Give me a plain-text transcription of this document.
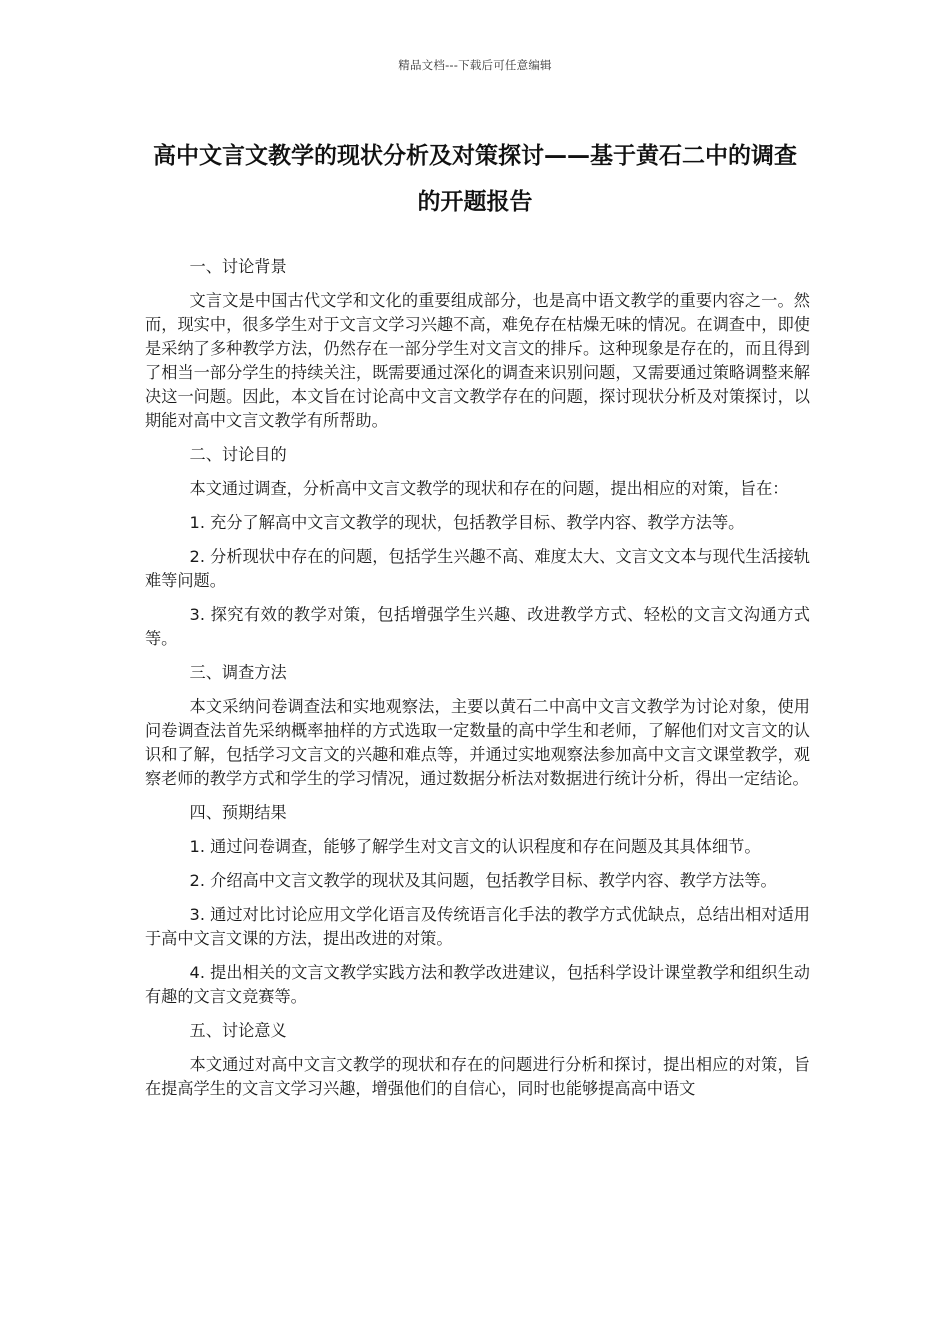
精品文档---下载后可任意编辑
高中文言文教学的现状分析及对策探讨——基于黄石二中的调查的开题报告

一、讨论背景

文言文是中国古代文学和文化的重要组成部分，也是高中语文教学的重要内容之一。然而，现实中，很多学生对于文言文学习兴趣不高，难免存在枯燥无味的情况。在调查中，即使是采纳了多种教学方法，仍然存在一部分学生对文言文的排斥。这种现象是存在的，而且得到了相当一部分学生的持续关注，既需要通过深化的调查来识别问题，又需要通过策略调整来解决这一问题。因此，本文旨在讨论高中文言文教学存在的问题，探讨现状分析及对策探讨，以期能对高中文言文教学有所帮助。

二、讨论目的

本文通过调查，分析高中文言文教学的现状和存在的问题，提出相应的对策，旨在：

1. 充分了解高中文言文教学的现状，包括教学目标、教学内容、教学方法等。

2. 分析现状中存在的问题，包括学生兴趣不高、难度太大、文言文文本与现代生活接轨难等问题。

3. 探究有效的教学对策，包括增强学生兴趣、改进教学方式、轻松的文言文沟通方式等。

三、调查方法

本文采纳问卷调查法和实地观察法，主要以黄石二中高中文言文教学为讨论对象，使用问卷调查法首先采纳概率抽样的方式选取一定数量的高中学生和老师，了解他们对文言文的认识和了解，包括学习文言文的兴趣和难点等，并通过实地观察法参加高中文言文课堂教学，观察老师的教学方式和学生的学习情况，通过数据分析法对数据进行统计分析，得出一定结论。

四、预期结果

1. 通过问卷调查，能够了解学生对文言文的认识程度和存在问题及其具体细节。

2. 介绍高中文言文教学的现状及其问题，包括教学目标、教学内容、教学方法等。

3. 通过对比讨论应用文学化语言及传统语言化手法的教学方式优缺点，总结出相对适用于高中文言文课的方法，提出改进的对策。

4. 提出相关的文言文教学实践方法和教学改进建议，包括科学设计课堂教学和组织生动有趣的文言文竞赛等。

五、讨论意义

本文通过对高中文言文教学的现状和存在的问题进行分析和探讨，提出相应的对策，旨在提高学生的文言文学习兴趣，增强他们的自信心，同时也能够提高高中语文
